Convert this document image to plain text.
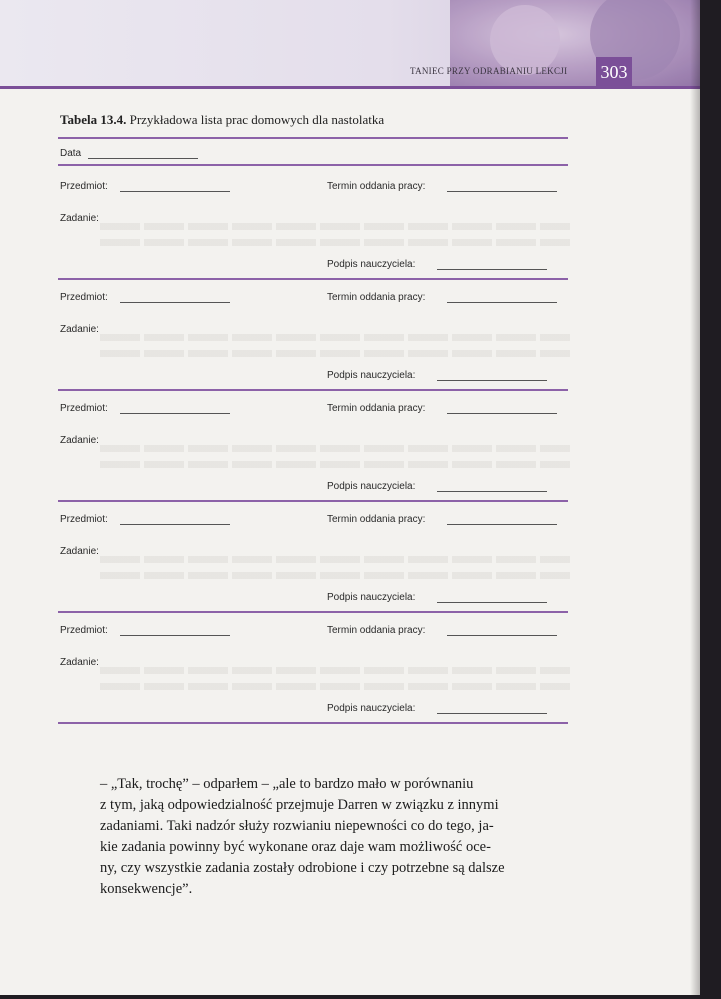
TANIEC PRZY ODRABIANIU LEKCJI 303
Tabela 13.4. Przykładowa lista prac domowych dla nastolatka
Data
Przedmiot:	Termin oddania pracy:
Zadanie:
Podpis nauczyciela:
Przedmiot:	Termin oddania pracy:
Zadanie:
Podpis nauczyciela:
Przedmiot:	Termin oddania pracy:
Zadanie:
Podpis nauczyciela:
Przedmiot:	Termin oddania pracy:
Zadanie:
Podpis nauczyciela:
Przedmiot:	Termin oddania pracy:
Zadanie:
Podpis nauczyciela:
– „Tak, trochę” – odparłem – „ale to bardzo mało w porównaniu
z tym, jaką odpowiedzialność przejmuje Darren w związku z innymi
zadaniami. Taki nadzór służy rozwianiu niepewności co do tego, ja-
kie zadania powinny być wykonane oraz daje wam możliwość oce-
ny, czy wszystkie zadania zostały odrobione i czy potrzebne są dalsze
konsekwencje”.
